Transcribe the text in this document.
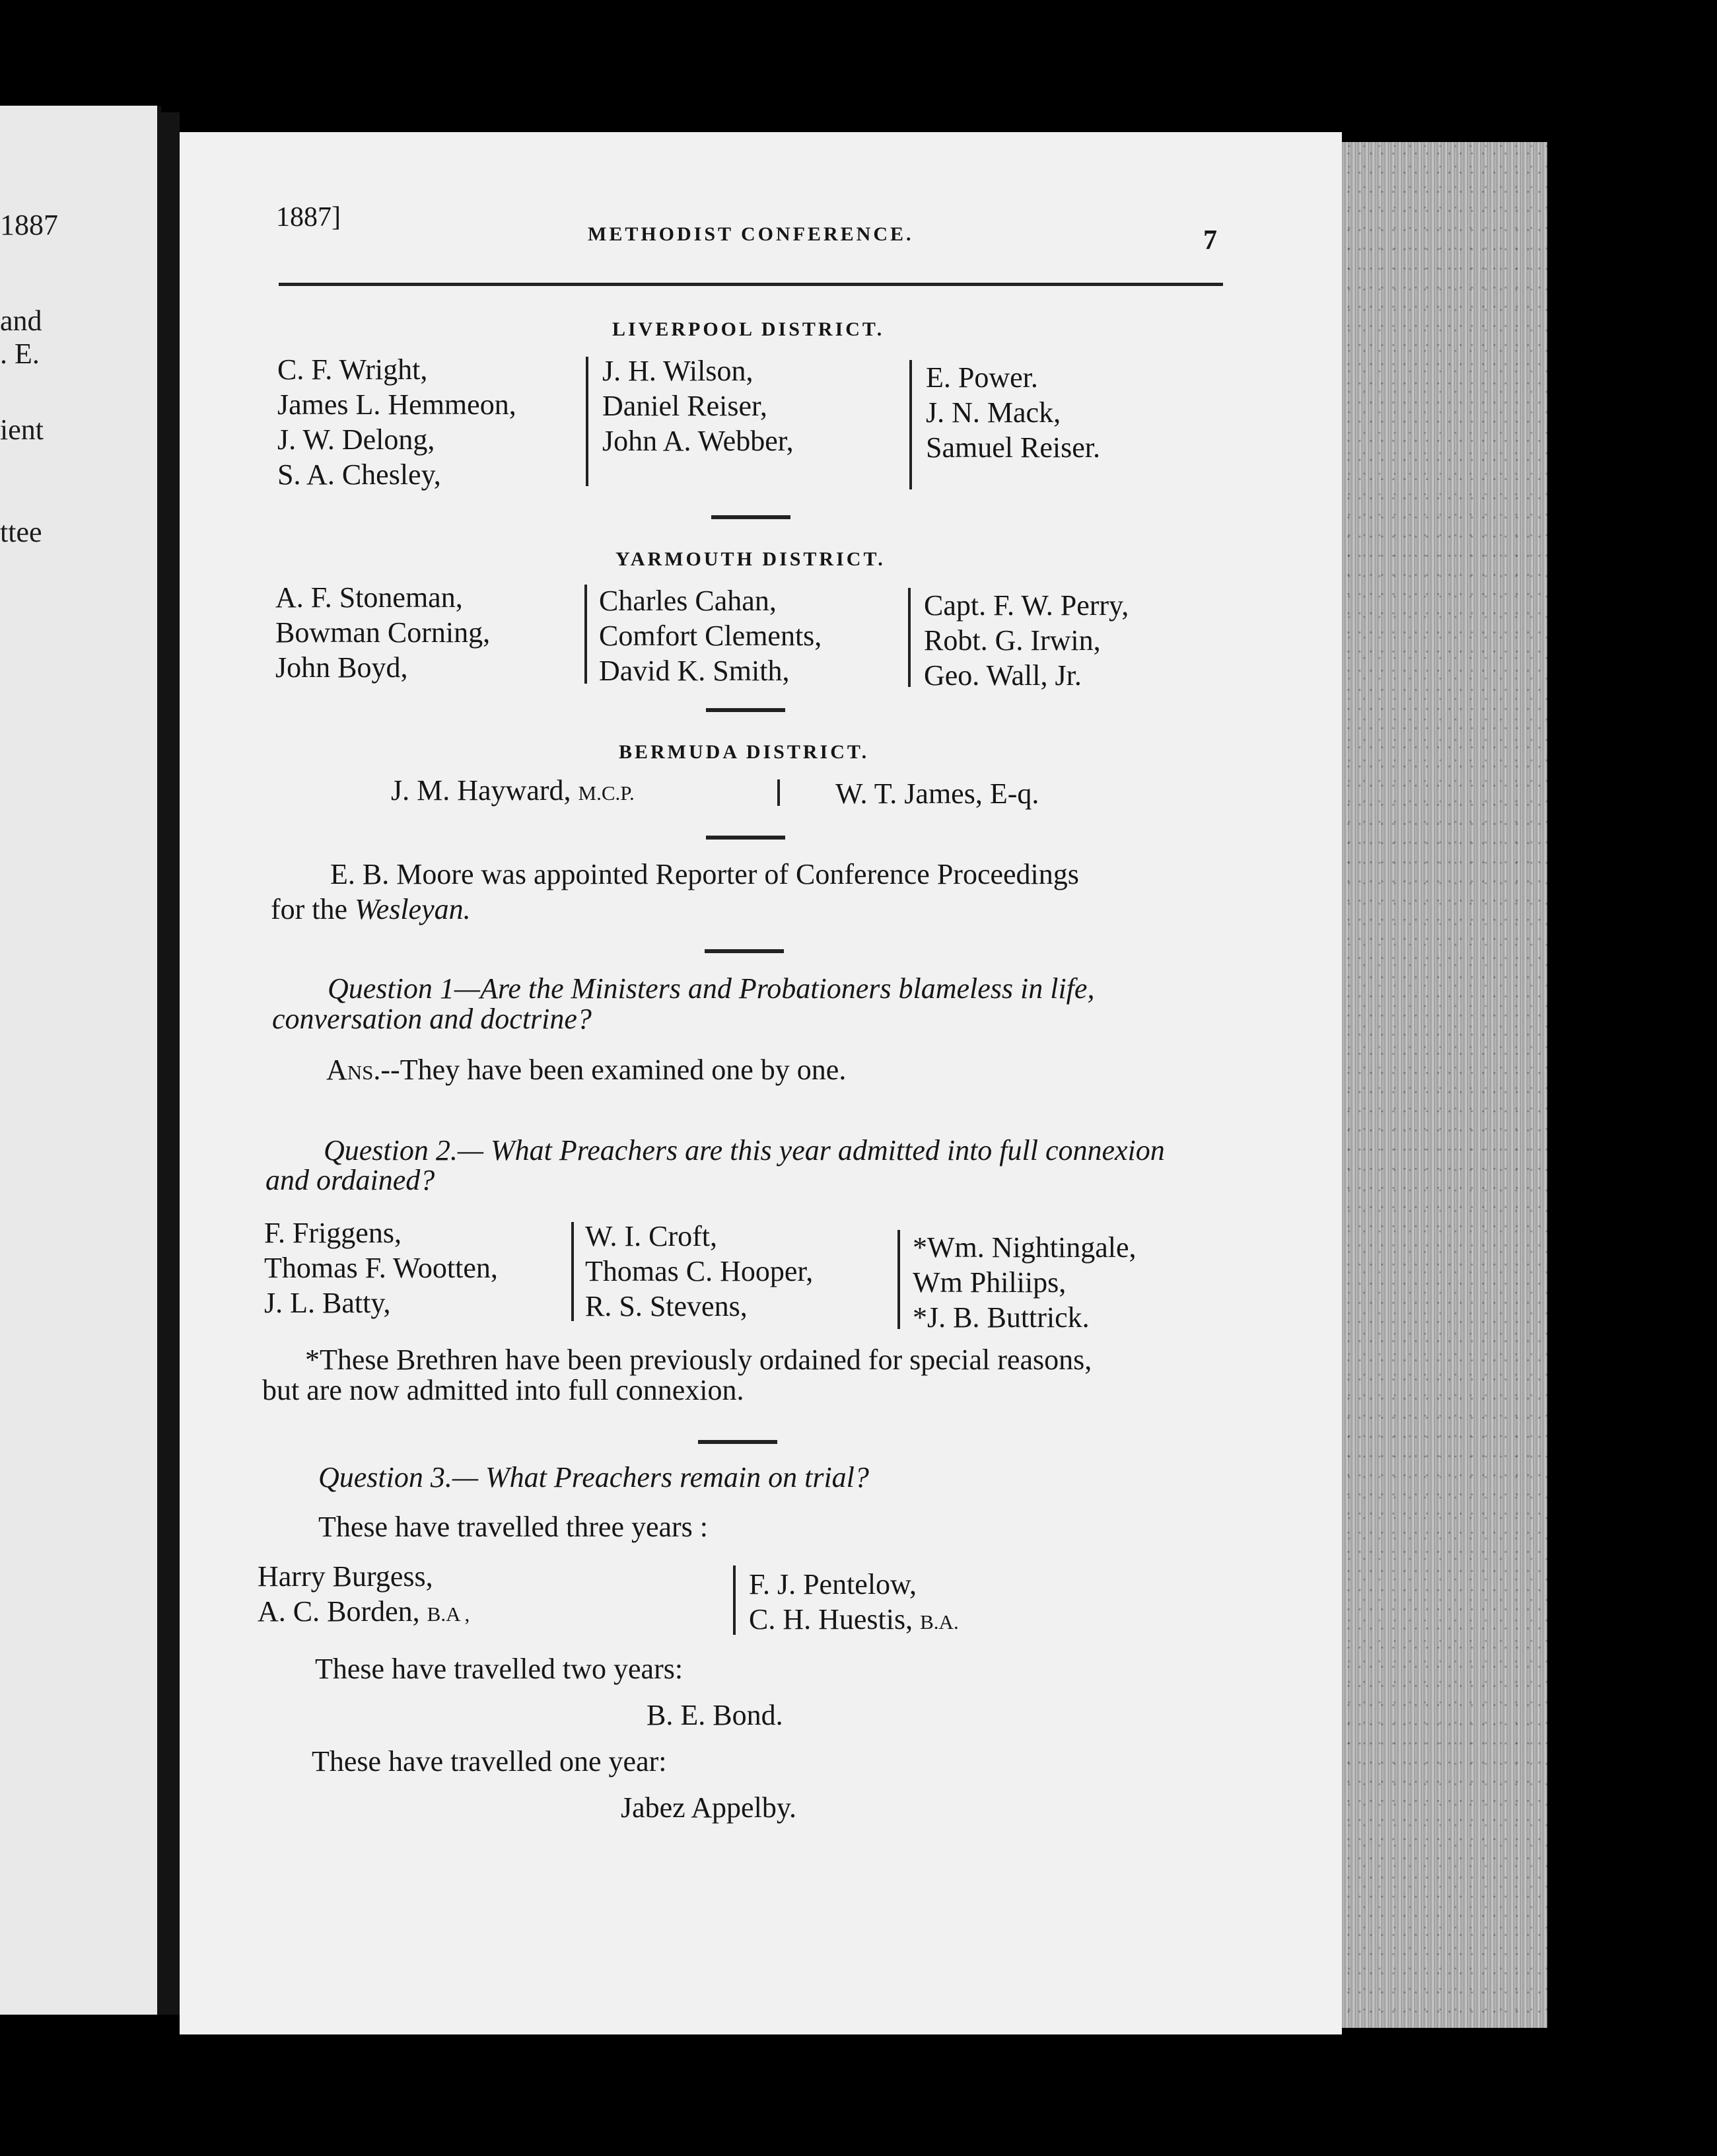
1887
and
. E.
ient
ttee
1887]
METHODIST CONFERENCE.	7
LIVERPOOL DISTRICT.
C. F. Wright,
James L. Hemmeon,
J. W. Delong,
S. A. Chesley,
J. H. Wilson,
Daniel Reiser,
John A. Webber,
E. Power.
J. N. Mack,
Samuel Reiser.
YARMOUTH DISTRICT.
A. F. Stoneman,
Bowman Corning,
John Boyd,
Charles Cahan,
Comfort Clements,
David K. Smith,
Capt. F. W. Perry,
Robt. G. Irwin,
Geo. Wall, Jr.
BERMUDA DISTRICT.
J. M. Hayward, M.C.P.	W. T. James, E-q.
E. B. Moore was appointed Reporter of Conference Proceedings
for the Wesleyan.
Question 1—Are the Ministers and Probationers blameless in life,
conversation and doctrine?
Ans.--They have been examined one by one.
Question 2.— What Preachers are this year admitted into full connexion
and ordained?
F. Friggens,
Thomas F. Wootten,
J. L. Batty,
W. I. Croft,
Thomas C. Hooper,
R. S. Stevens,
*Wm. Nightingale,
Wm Philiips,
*J. B. Buttrick.
*These Brethren have been previously ordained for special reasons,
but are now admitted into full connexion.
Question 3.— What Preachers remain on trial?
These have travelled three years :
Harry Burgess,
A. C. Borden, B.A ,
F. J. Pentelow,
C. H. Huestis, B.A.
These have travelled two years:
B. E. Bond.
These have travelled one year:
Jabez Appelby.
